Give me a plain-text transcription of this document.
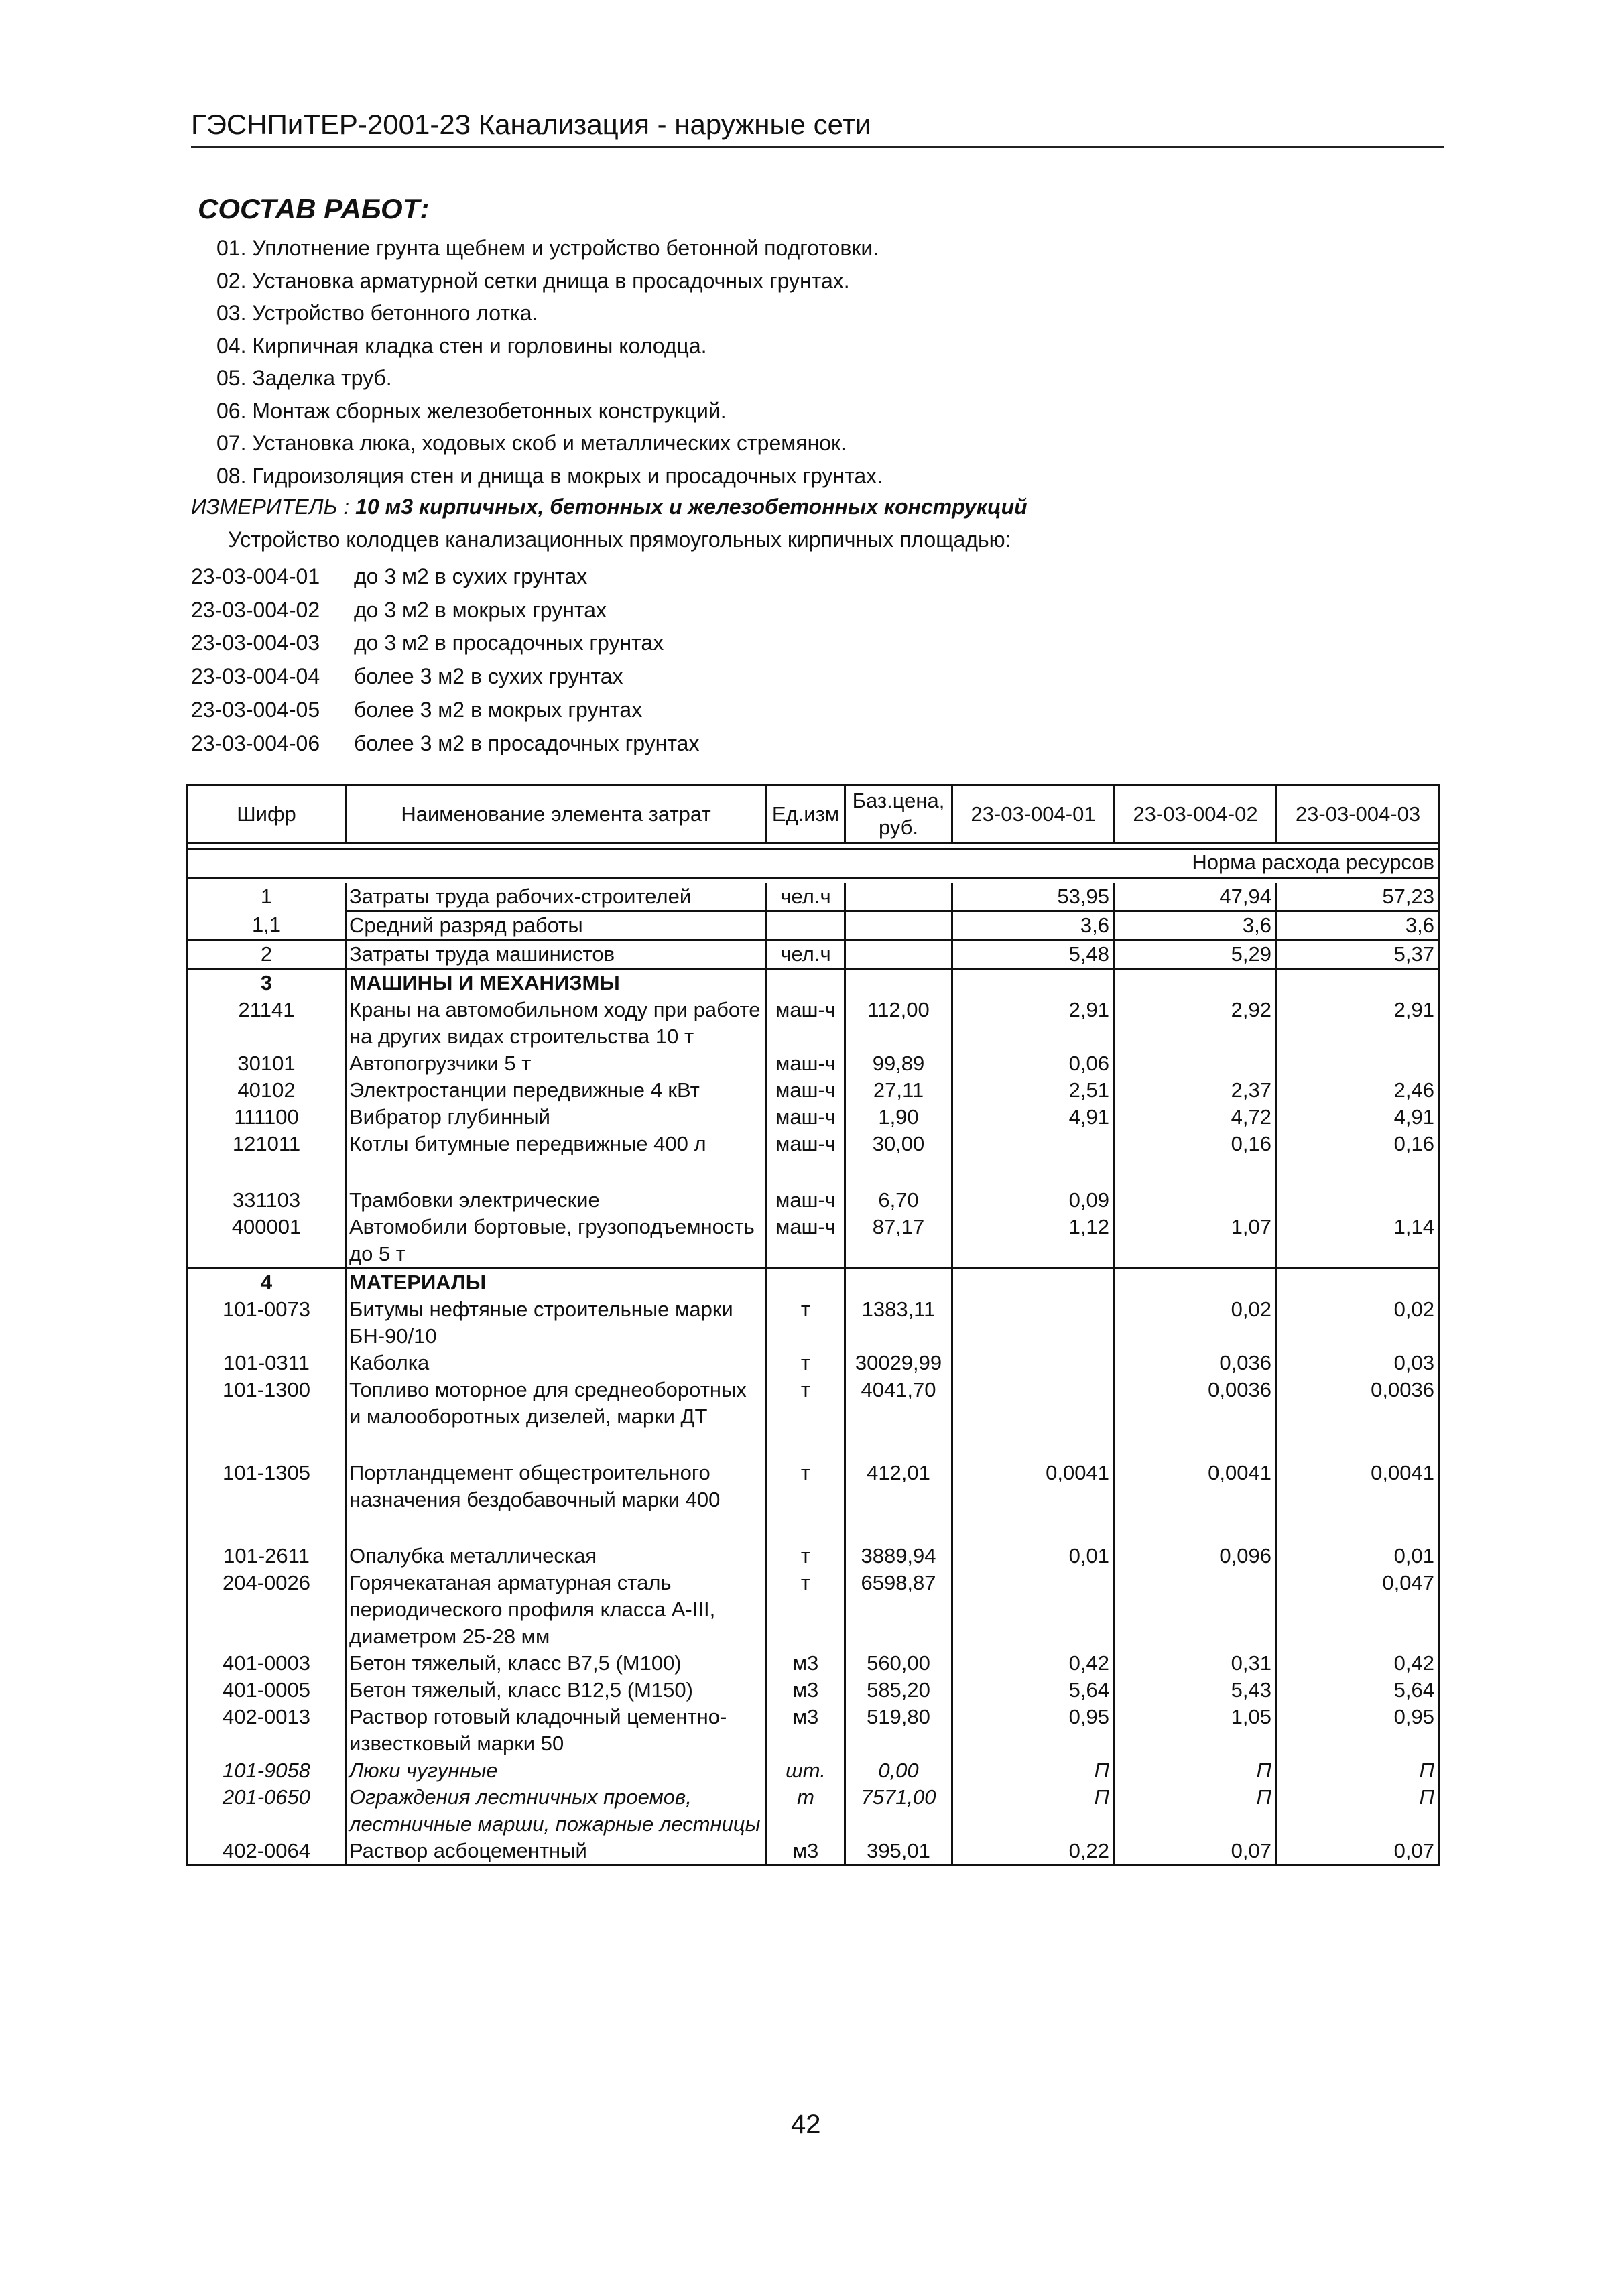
ГЭСНПиТЕР-2001-23 Канализация - наружные сети
СОСТАВ РАБОТ:
01. Уплотнение грунта щебнем и устройство бетонной подготовки.
02. Установка арматурной сетки днища в просадочных грунтах.
03. Устройство бетонного лотка.
04. Кирпичная кладка стен и горловины колодца.
05. Заделка труб.
06. Монтаж сборных железобетонных конструкций.
07. Установка люка, ходовых скоб и металлических стремянок.
08. Гидроизоляция стен и днища в мокрых и просадочных грунтах.
ИЗМЕРИТЕЛЬ : 10 м3 кирпичных, бетонных и железобетонных конструкций
Устройство колодцев канализационных прямоугольных кирпичных площадью:
23-03-004-01	до 3 м2 в сухих грунтах
23-03-004-02	до 3 м2 в мокрых грунтах
23-03-004-03	до 3 м2 в просадочных грунтах
23-03-004-04	более 3 м2 в сухих грунтах
23-03-004-05	более 3 м2 в мокрых грунтах
23-03-004-06	более 3 м2 в просадочных грунтах
Шифр	Наименование элемента затрат	Ед.изм	Баз.цена, руб.	23-03-004-01	23-03-004-02	23-03-004-03

Норма расхода ресурсов						

1	Затраты труда рабочих-строителей	чел.ч		53,95	47,94	57,23
1,1	Средний разряд работы			3,6	3,6	3,6
2	Затраты труда машинистов	чел.ч		5,48	5,29	5,37
3	МАШИНЫ И МЕХАНИЗМЫ					
21141	Краны на автомобильном ходу при работе на других видах строительства 10 т	маш-ч	112,00	2,91	2,92	2,91
30101	Автопогрузчики 5 т	маш-ч	99,89	0,06		
40102	Электростанции передвижные 4 кВт	маш-ч	27,11	2,51	2,37	2,46
111100	Вибратор глубинный	маш-ч	1,90	4,91	4,72	4,91
121011	Котлы битумные передвижные 400 л	маш-ч	30,00		0,16	0,16
331103	Трамбовки электрические	маш-ч	6,70	0,09		
400001	Автомобили бортовые, грузоподъемность до 5 т	маш-ч	87,17	1,12	1,07	1,14
4	МАТЕРИАЛЫ					
101-0073	Битумы нефтяные строительные марки БН-90/10	т	1383,11		0,02	0,02
101-0311	Каболка	т	30029,99		0,036	0,03
101-1300	Топливо моторное для среднеоборотных и малооборотных дизелей, марки ДТ	т	4041,70		0,0036	0,0036
101-1305	Портландцемент общестроительного назначения бездобавочный марки 400	т	412,01	0,0041	0,0041	0,0041
101-2611	Опалубка металлическая	т	3889,94	0,01	0,096	0,01
204-0026	Горячекатаная арматурная сталь периодического профиля класса А-III, диаметром 25-28 мм	т	6598,87			0,047
401-0003	Бетон тяжелый, класс В7,5 (М100)	м3	560,00	0,42	0,31	0,42
401-0005	Бетон тяжелый, класс В12,5 (М150)	м3	585,20	5,64	5,43	5,64
402-0013	Раствор готовый кладочный цементно-известковый марки 50	м3	519,80	0,95	1,05	0,95
101-9058	Люки чугунные	шт.	0,00	П	П	П
201-0650	Ограждения лестничных проемов, лестничные марши, пожарные лестницы	т	7571,00	П	П	П
402-0064	Раствор асбоцементный	м3	395,01	0,22	0,07	0,07
42
